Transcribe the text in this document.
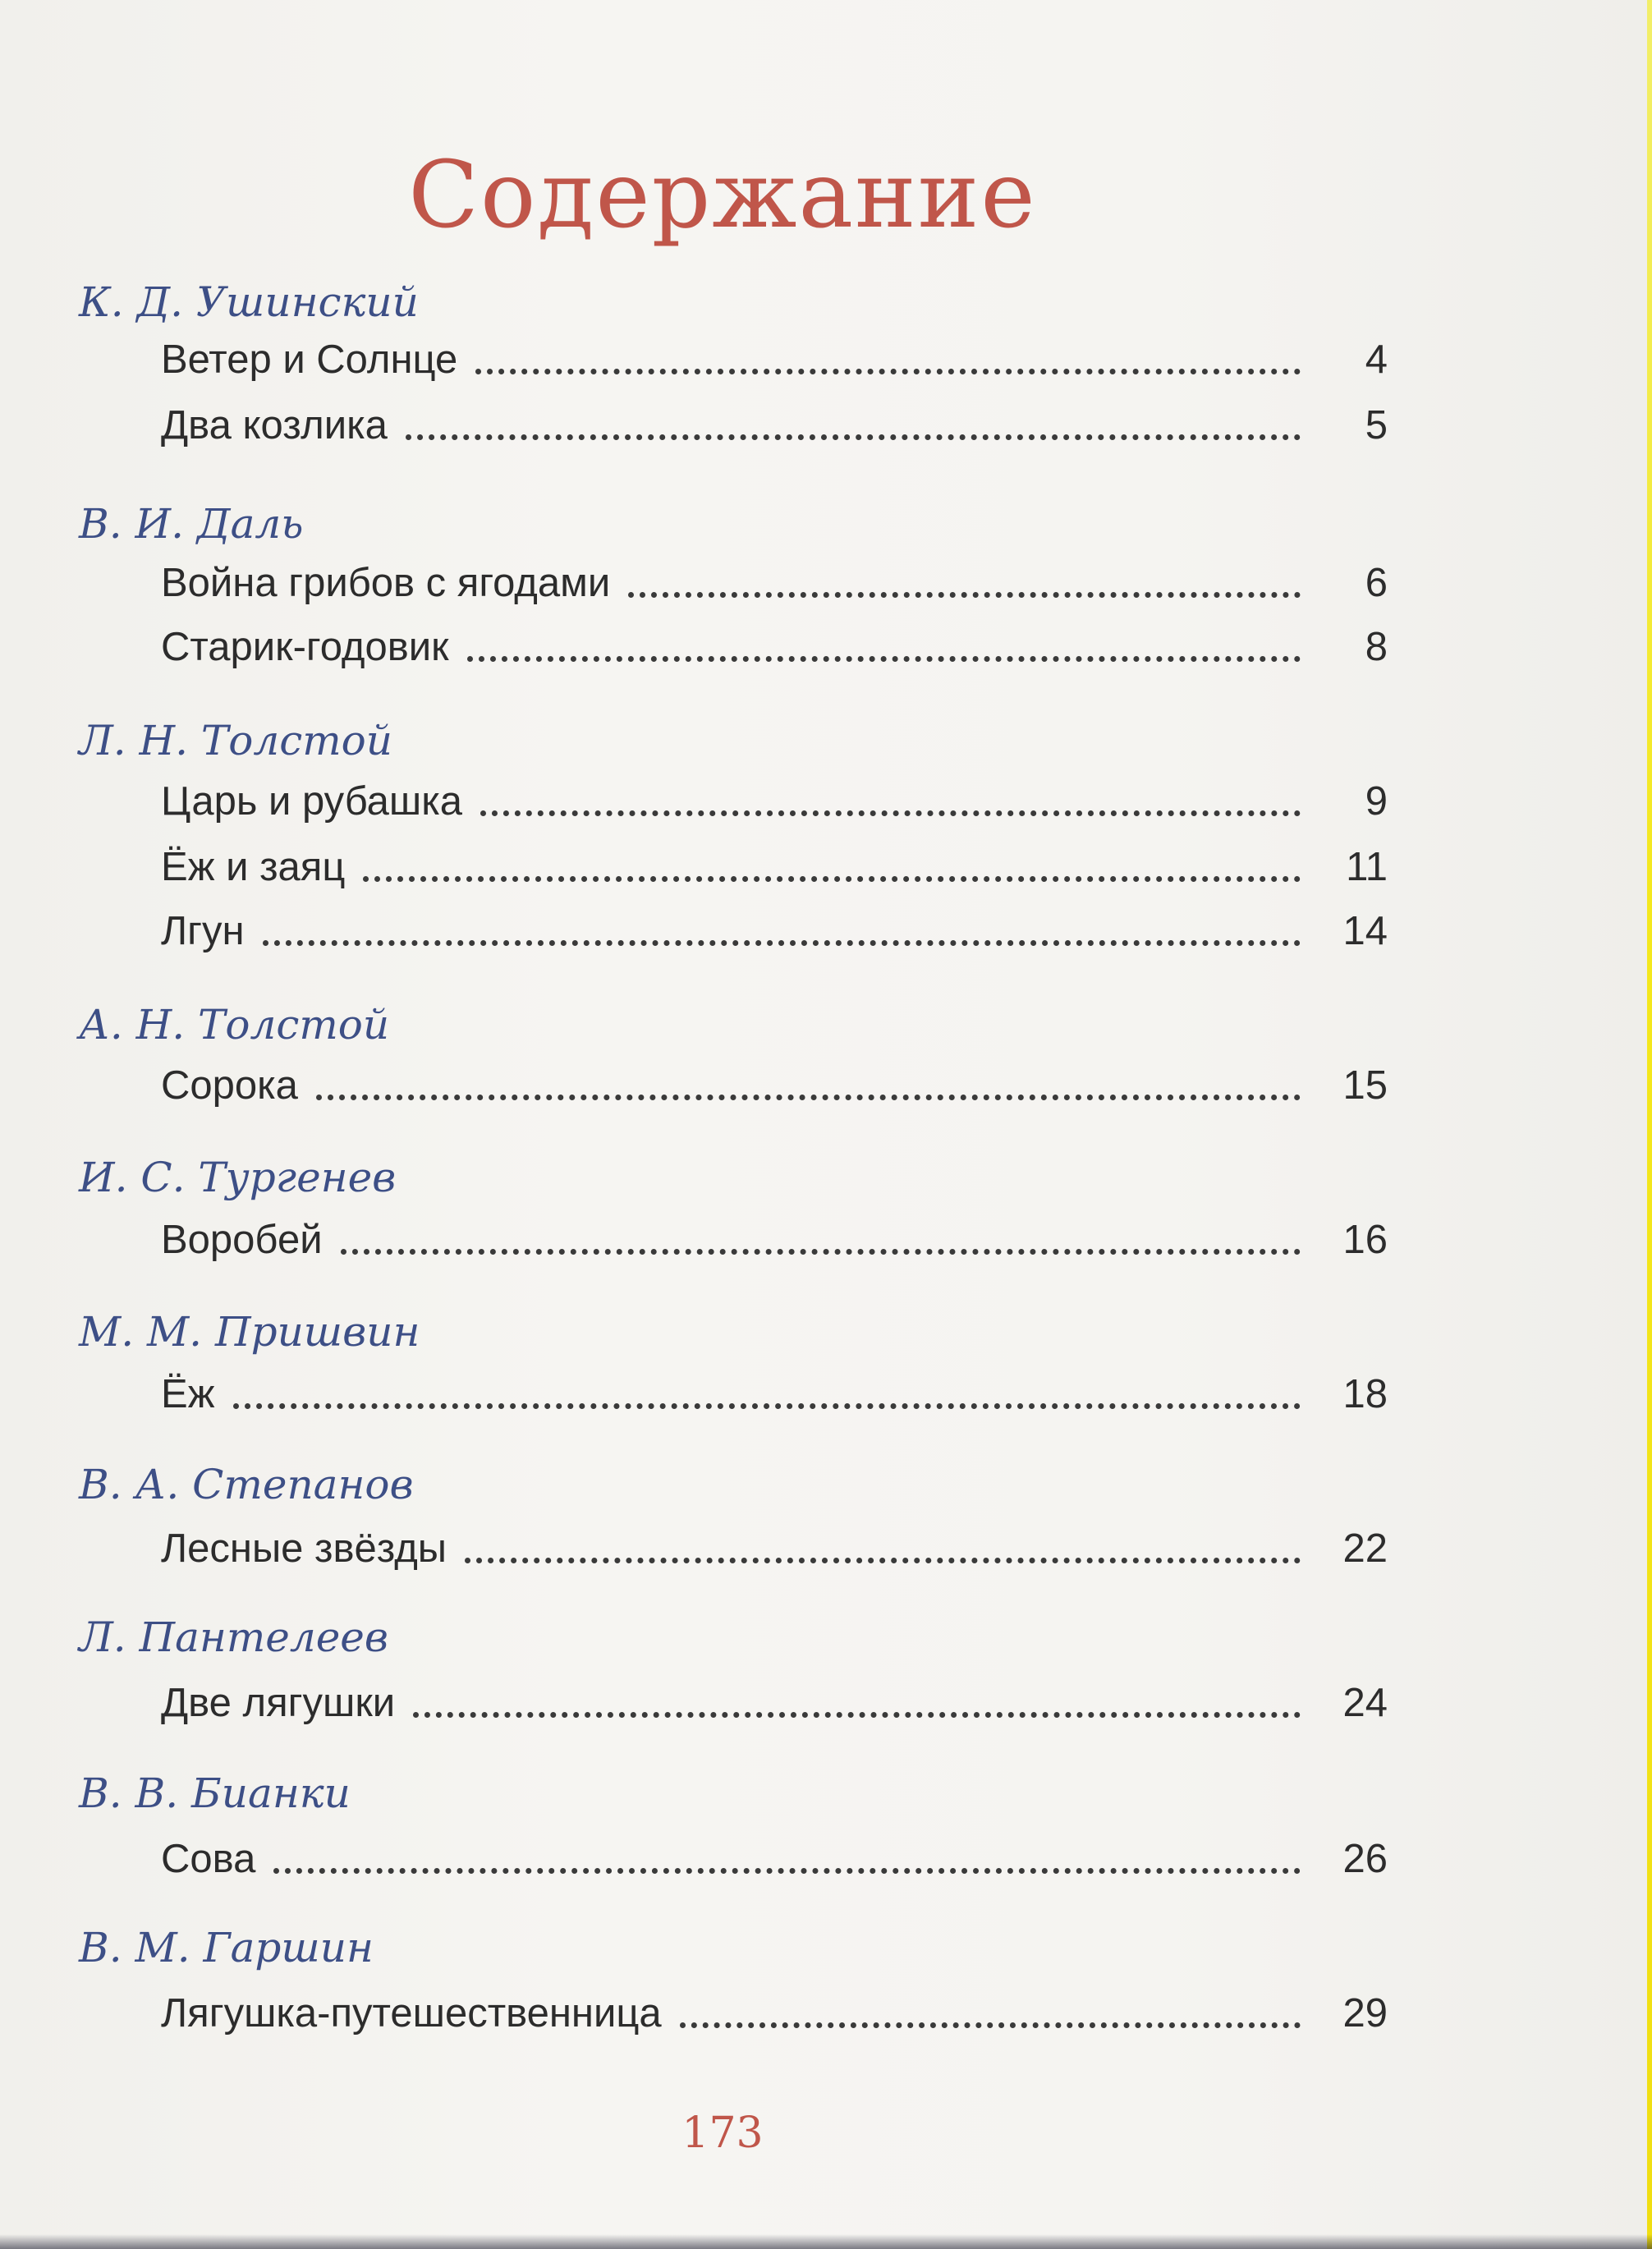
Содержание
К. Д. Ушинский
Ветер и Солнце	4
Два козлика	5
В. И. Даль
Война грибов с ягодами	6
Старик-годовик	8
Л. Н. Толстой
Царь и рубашка	9
Ёж и заяц	11
Лгун	14
А. Н. Толстой
Сорока	15
И. С. Тургенев
Воробей	16
М. М. Пришвин
Ёж	18
В. А. Степанов
Лесные звёзды	22
Л. Пантелеев
Две лягушки	24
В. В. Бианки
Сова	26
В. М. Гаршин
Лягушка-путешественница	29
173
